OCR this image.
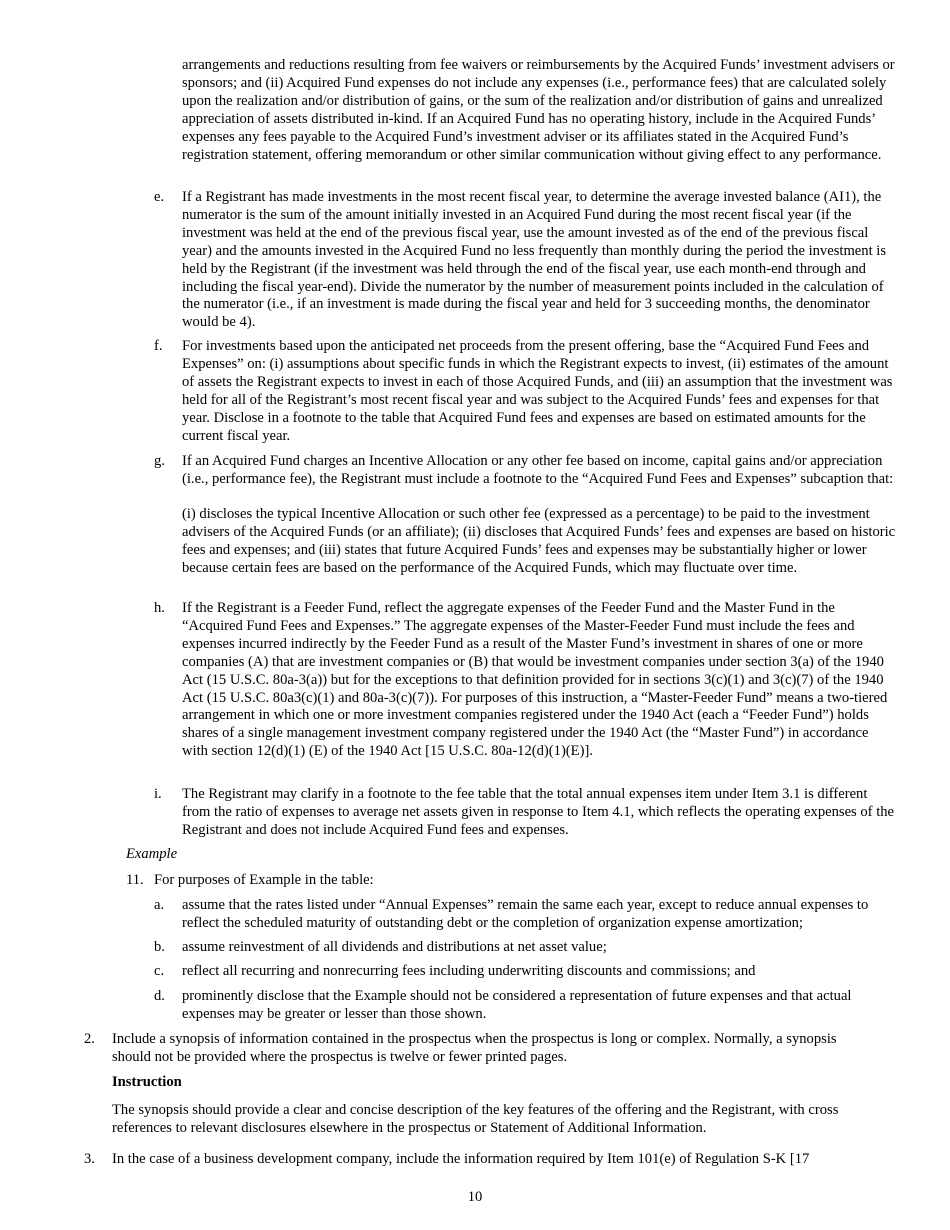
arrangements and reductions resulting from fee waivers or reimbursements by the Acquired Funds’ investment advisers or sponsors; and (ii) Acquired Fund expenses do not include any expenses (i.e., performance fees) that are calculated solely upon the realization and/or distribution of gains, or the sum of the realization and/or distribution of gains and unrealized appreciation of assets distributed in-kind. If an Acquired Fund has no operating history, include in the Acquired Funds’ expenses any fees payable to the Acquired Fund’s investment adviser or its affiliates stated in the Acquired Fund’s registration statement, offering memorandum or other similar communication without giving effect to any performance.

e. If a Registrant has made investments in the most recent fiscal year, to determine the average invested balance (AI1), the numerator is the sum of the amount initially invested in an Acquired Fund during the most recent fiscal year (if the investment was held at the end of the previous fiscal year, use the amount invested as of the end of the previous fiscal year) and the amounts invested in the Acquired Fund no less frequently than monthly during the period the investment is held by the Registrant (if the investment was held through the end of the fiscal year, use each month-end through and including the fiscal year-end). Divide the numerator by the number of measurement points included in the calculation of the numerator (i.e., if an investment is made during the fiscal year and held for 3 succeeding months, the denominator would be 4).

f. For investments based upon the anticipated net proceeds from the present offering, base the “Acquired Fund Fees and Expenses” on: (i) assumptions about specific funds in which the Registrant expects to invest, (ii) estimates of the amount of assets the Registrant expects to invest in each of those Acquired Funds, and (iii) an assumption that the investment was held for all of the Registrant’s most recent fiscal year and was subject to the Acquired Funds’ fees and expenses for that year. Disclose in a footnote to the table that Acquired Fund fees and expenses are based on estimated amounts for the current fiscal year.

g. If an Acquired Fund charges an Incentive Allocation or any other fee based on income, capital gains and/or appreciation (i.e., performance fee), the Registrant must include a footnote to the “Acquired Fund Fees and Expenses” subcaption that:

(i) discloses the typical Incentive Allocation or such other fee (expressed as a percentage) to be paid to the investment advisers of the Acquired Funds (or an affiliate); (ii) discloses that Acquired Funds’ fees and expenses are based on historic fees and expenses; and (iii) states that future Acquired Funds’ fees and expenses may be substantially higher or lower because certain fees are based on the performance of the Acquired Funds, which may fluctuate over time.

h. If the Registrant is a Feeder Fund, reflect the aggregate expenses of the Feeder Fund and the Master Fund in the “Acquired Fund Fees and Expenses.” The aggregate expenses of the Master-Feeder Fund must include the fees and expenses incurred indirectly by the Feeder Fund as a result of the Master Fund’s investment in shares of one or more companies (A) that are investment companies or (B) that would be investment companies under section 3(a) of the 1940 Act (15 U.S.C. 80a-3(a)) but for the exceptions to that definition provided for in sections 3(c)(1) and 3(c)(7) of the 1940 Act (15 U.S.C. 80a3(c)(1) and 80a-3(c)(7)). For purposes of this instruction, a “Master-Feeder Fund” means a two-tiered arrangement in which one or more investment companies registered under the 1940 Act (each a “Feeder Fund”) holds shares of a single management investment company registered under the 1940 Act (the “Master Fund”) in accordance with section 12(d)(1) (E) of the 1940 Act [15 U.S.C. 80a-12(d)(1)(E)].

i. The Registrant may clarify in a footnote to the fee table that the total annual expenses item under Item 3.1 is different from the ratio of expenses to average net assets given in response to Item 4.1, which reflects the operating expenses of the Registrant and does not include Acquired Fund fees and expenses.

Example
11. For purposes of Example in the table:

a. assume that the rates listed under “Annual Expenses” remain the same each year, except to reduce annual expenses to reflect the scheduled maturity of outstanding debt or the completion of organization expense amortization;

b. assume reinvestment of all dividends and distributions at net asset value;

c. reflect all recurring and nonrecurring fees including underwriting discounts and commissions; and

d. prominently disclose that the Example should not be considered a representation of future expenses and that actual expenses may be greater or lesser than those shown.

2. Include a synopsis of information contained in the prospectus when the prospectus is long or complex. Normally, a synopsis should not be provided where the prospectus is twelve or fewer printed pages.

Instruction

The synopsis should provide a clear and concise description of the key features of the offering and the Registrant, with cross references to relevant disclosures elsewhere in the prospectus or Statement of Additional Information.

3. In the case of a business development company, include the information required by Item 101(e) of Regulation S-K [17

10
